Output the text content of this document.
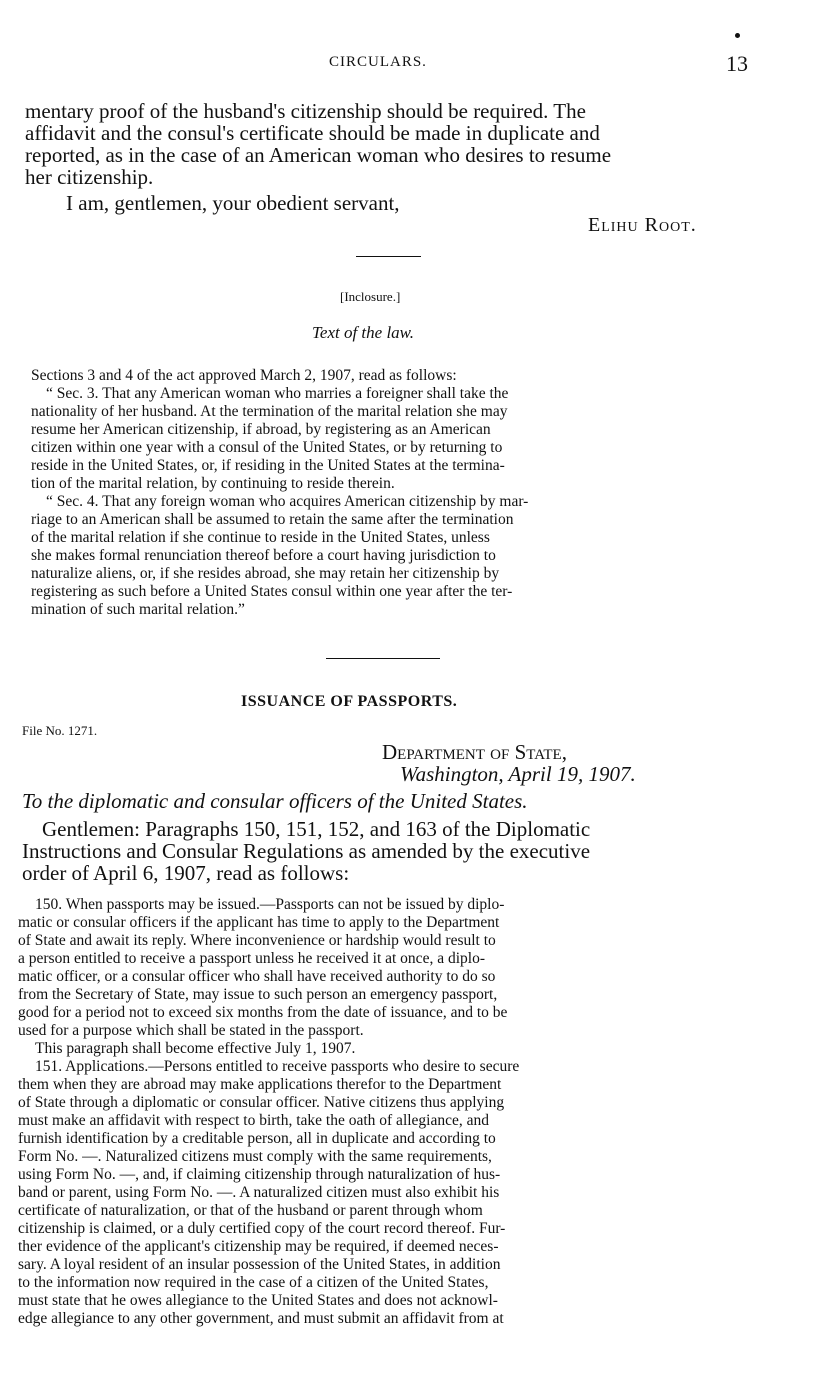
CIRCULARS.	13
mentary proof of the husband's citizenship should be required. The
affidavit and the consul's certificate should be made in duplicate and
reported, as in the case of an American woman who desires to resume
her citizenship.
I am, gentlemen, your obedient servant,
Elihu Root.
[Inclosure.]
Text of the law.
Sections 3 and 4 of the act approved March 2, 1907, read as follows:
“ Sec. 3. That any American woman who marries a foreigner shall take the
nationality of her husband. At the termination of the marital relation she may
resume her American citizenship, if abroad, by registering as an American
citizen within one year with a consul of the United States, or by returning to
reside in the United States, or, if residing in the United States at the termina-
tion of the marital relation, by continuing to reside therein.
“ Sec. 4. That any foreign woman who acquires American citizenship by mar-
riage to an American shall be assumed to retain the same after the termination
of the marital relation if she continue to reside in the United States, unless
she makes formal renunciation thereof before a court having jurisdiction to
naturalize aliens, or, if she resides abroad, she may retain her citizenship by
registering as such before a United States consul within one year after the ter-
mination of such marital relation.”
ISSUANCE OF PASSPORTS.
File No. 1271.
Department of State,
Washington, April 19, 1907.
To the diplomatic and consular officers of the United States.
Gentlemen: Paragraphs 150, 151, 152, and 163 of the Diplomatic
Instructions and Consular Regulations as amended by the executive
order of April 6, 1907, read as follows:
150. When passports may be issued.—Passports can not be issued by diplo-
matic or consular officers if the applicant has time to apply to the Department
of State and await its reply. Where inconvenience or hardship would result to
a person entitled to receive a passport unless he received it at once, a diplo-
matic officer, or a consular officer who shall have received authority to do so
from the Secretary of State, may issue to such person an emergency passport,
good for a period not to exceed six months from the date of issuance, and to be
used for a purpose which shall be stated in the passport.
This paragraph shall become effective July 1, 1907.
151. Applications.—Persons entitled to receive passports who desire to secure
them when they are abroad may make applications therefor to the Department
of State through a diplomatic or consular officer. Native citizens thus applying
must make an affidavit with respect to birth, take the oath of allegiance, and
furnish identification by a creditable person, all in duplicate and according to
Form No. —. Naturalized citizens must comply with the same requirements,
using Form No. —, and, if claiming citizenship through naturalization of hus-
band or parent, using Form No. —. A naturalized citizen must also exhibit his
certificate of naturalization, or that of the husband or parent through whom
citizenship is claimed, or a duly certified copy of the court record thereof. Fur-
ther evidence of the applicant's citizenship may be required, if deemed neces-
sary. A loyal resident of an insular possession of the United States, in addition
to the information now required in the case of a citizen of the United States,
must state that he owes allegiance to the United States and does not acknowl-
edge allegiance to any other government, and must submit an affidavit from at
